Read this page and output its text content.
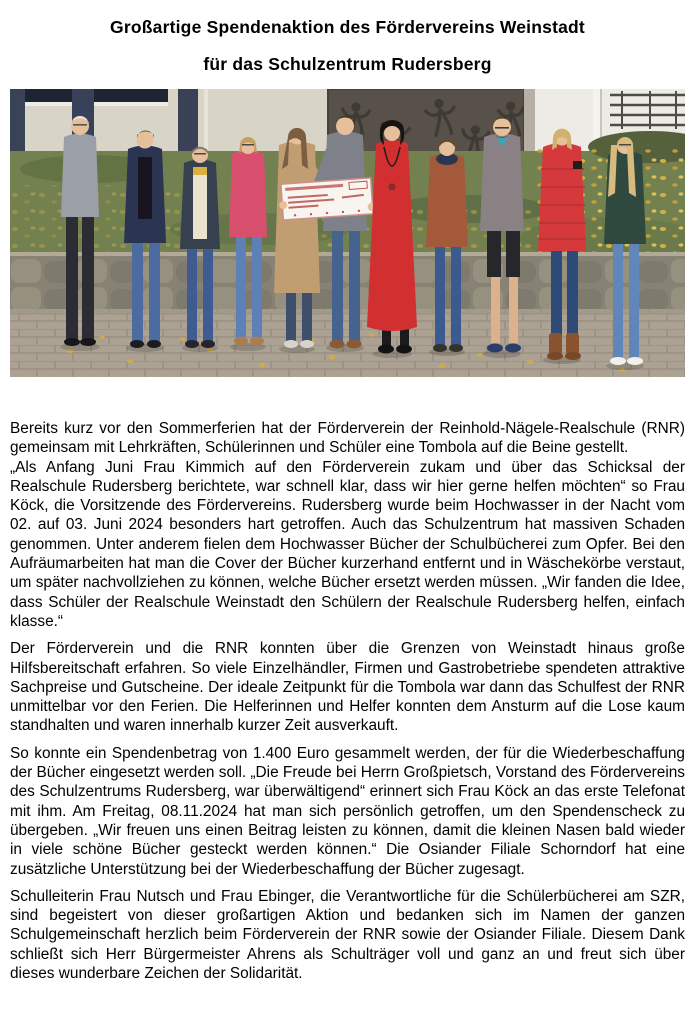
Großartige Spendenaktion des Fördervereins Weinstadt
für das Schulzentrum Rudersberg

Bereits kurz vor den Sommerferien hat der Förderverein der Reinhold-Nägele-Realschule (RNR) gemeinsam mit Lehrkräften, Schülerinnen und Schüler eine Tombola auf die Beine gestellt.

„Als Anfang Juni Frau Kimmich auf den Förderverein zukam und über das Schicksal der Realschule Rudersberg berichtete, war schnell klar, dass wir hier gerne helfen möchten“ so Frau Köck, die Vorsitzende des Fördervereins. Rudersberg wurde beim Hochwasser in der Nacht vom 02. auf 03. Juni 2024 besonders hart getroffen. Auch das Schulzentrum hat massiven Schaden genommen. Unter anderem fielen dem Hochwasser Bücher der Schulbücherei zum Opfer. Bei den Aufräumarbeiten hat man die Cover der Bücher kurzerhand entfernt und in Wäschekörbe verstaut, um später nachvollziehen zu können, welche Bücher ersetzt werden müssen. „Wir fanden die Idee, dass Schüler der Realschule Weinstadt den Schülern der Realschule Rudersberg helfen, einfach klasse.“

Der Förderverein und die RNR konnten über die Grenzen von Weinstadt hinaus große Hilfsbereitschaft erfahren. So viele Einzelhändler, Firmen und Gastrobetriebe spendeten attraktive Sachpreise und Gutscheine. Der ideale Zeitpunkt für die Tombola war dann das Schulfest der RNR unmittelbar vor den Ferien. Die Helferinnen und Helfer konnten dem Ansturm auf die Lose kaum standhalten und waren innerhalb kurzer Zeit ausverkauft.

So konnte ein Spendenbetrag von 1.400 Euro gesammelt werden, der für die Wiederbeschaffung der Bücher eingesetzt werden soll. „Die Freude bei Herrn Großpietsch, Vorstand des Fördervereins des Schulzentrums Rudersberg, war überwältigend“ erinnert sich Frau Köck an das erste Telefonat mit ihm. Am Freitag, 08.11.2024 hat man sich persönlich getroffen, um den Spendenscheck zu übergeben. „Wir freuen uns einen Beitrag leisten zu können, damit die kleinen Nasen bald wieder in viele schöne Bücher gesteckt werden können.“ Die Osiander Filiale Schorndorf hat eine zusätzliche Unterstützung bei der Wiederbeschaffung der Bücher zugesagt.

Schulleiterin Frau Nutsch und Frau Ebinger, die Verantwortliche für die Schülerbücherei am SZR, sind begeistert von dieser großartigen Aktion und bedanken sich im Namen der ganzen Schulgemeinschaft herzlich beim Förderverein der RNR sowie der Osiander Filiale. Diesem Dank schließt sich Herr Bürgermeister Ahrens als Schulträger voll und ganz an und freut sich über dieses wunderbare Zeichen der Solidarität.
